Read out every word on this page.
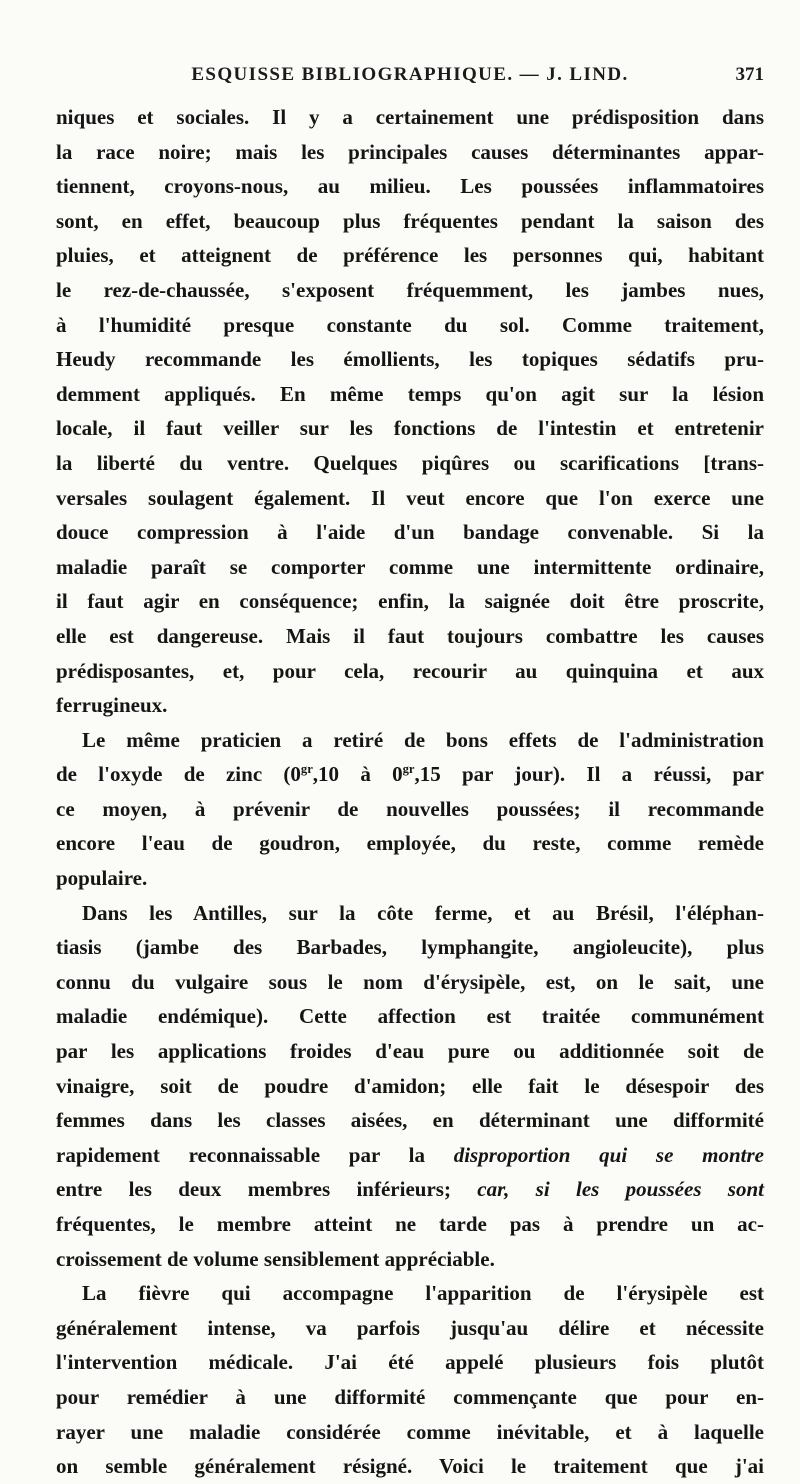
ESQUISSE BIBLIOGRAPHIQUE. — J. LIND.	371
niques et sociales. Il y a certainement une prédisposition dans
la race noire; mais les principales causes déterminantes appar-
tiennent, croyons-nous, au milieu. Les poussées inflammatoires
sont, en effet, beaucoup plus fréquentes pendant la saison des
pluies, et atteignent de préférence les personnes qui, habitant
le rez-de-chaussée, s'exposent fréquemment, les jambes nues,
à l'humidité presque constante du sol. Comme traitement,
Heudy recommande les émollients, les topiques sédatifs pru-
demment appliqués. En même temps qu'on agit sur la lésion
locale, il faut veiller sur les fonctions de l'intestin et entretenir
la liberté du ventre. Quelques piqûres ou scarifications [trans-
versales soulagent également. Il veut encore que l'on exerce une
douce compression à l'aide d'un bandage convenable. Si la
maladie paraît se comporter comme une intermittente ordinaire,
il faut agir en conséquence; enfin, la saignée doit être proscrite,
elle est dangereuse. Mais il faut toujours combattre les causes
prédisposantes, et, pour cela, recourir au quinquina et aux
ferrugineux.
Le même praticien a retiré de bons effets de l'administration
de l'oxyde de zinc ($0^{gr},10$ à $0^{gr},15$ par jour). Il a réussi, par
ce moyen, à prévenir de nouvelles poussées; il recommande
encore l'eau de goudron, employée, du reste, comme remède
populaire.
Dans les Antilles, sur la côte ferme, et au Brésil, l'éléphan-
tiasis (jambe des Barbades, lymphangite, angioleucite), plus
connu du vulgaire sous le nom d'érysipèle, est, on le sait, une
maladie endémique). Cette affection est traitée communément
par les applications froides d'eau pure ou additionnée soit de
vinaigre, soit de poudre d'amidon; elle fait le désespoir des
femmes dans les classes aisées, en déterminant une difformité
rapidement reconnaissable par la disproportion qui se montre
entre les deux membres inférieurs; car, si les poussées sont
fréquentes, le membre atteint ne tarde pas à prendre un ac-
croissement de volume sensiblement appréciable.
La fièvre qui accompagne l'apparition de l'érysipèle est
généralement intense, va parfois jusqu'au délire et nécessite
l'intervention médicale. J'ai été appelé plusieurs fois plutôt
pour remédier à une difformité commençante que pour en-
rayer une maladie considérée comme inévitable, et à laquelle
on semble généralement résigné. Voici le traitement que j'ai
